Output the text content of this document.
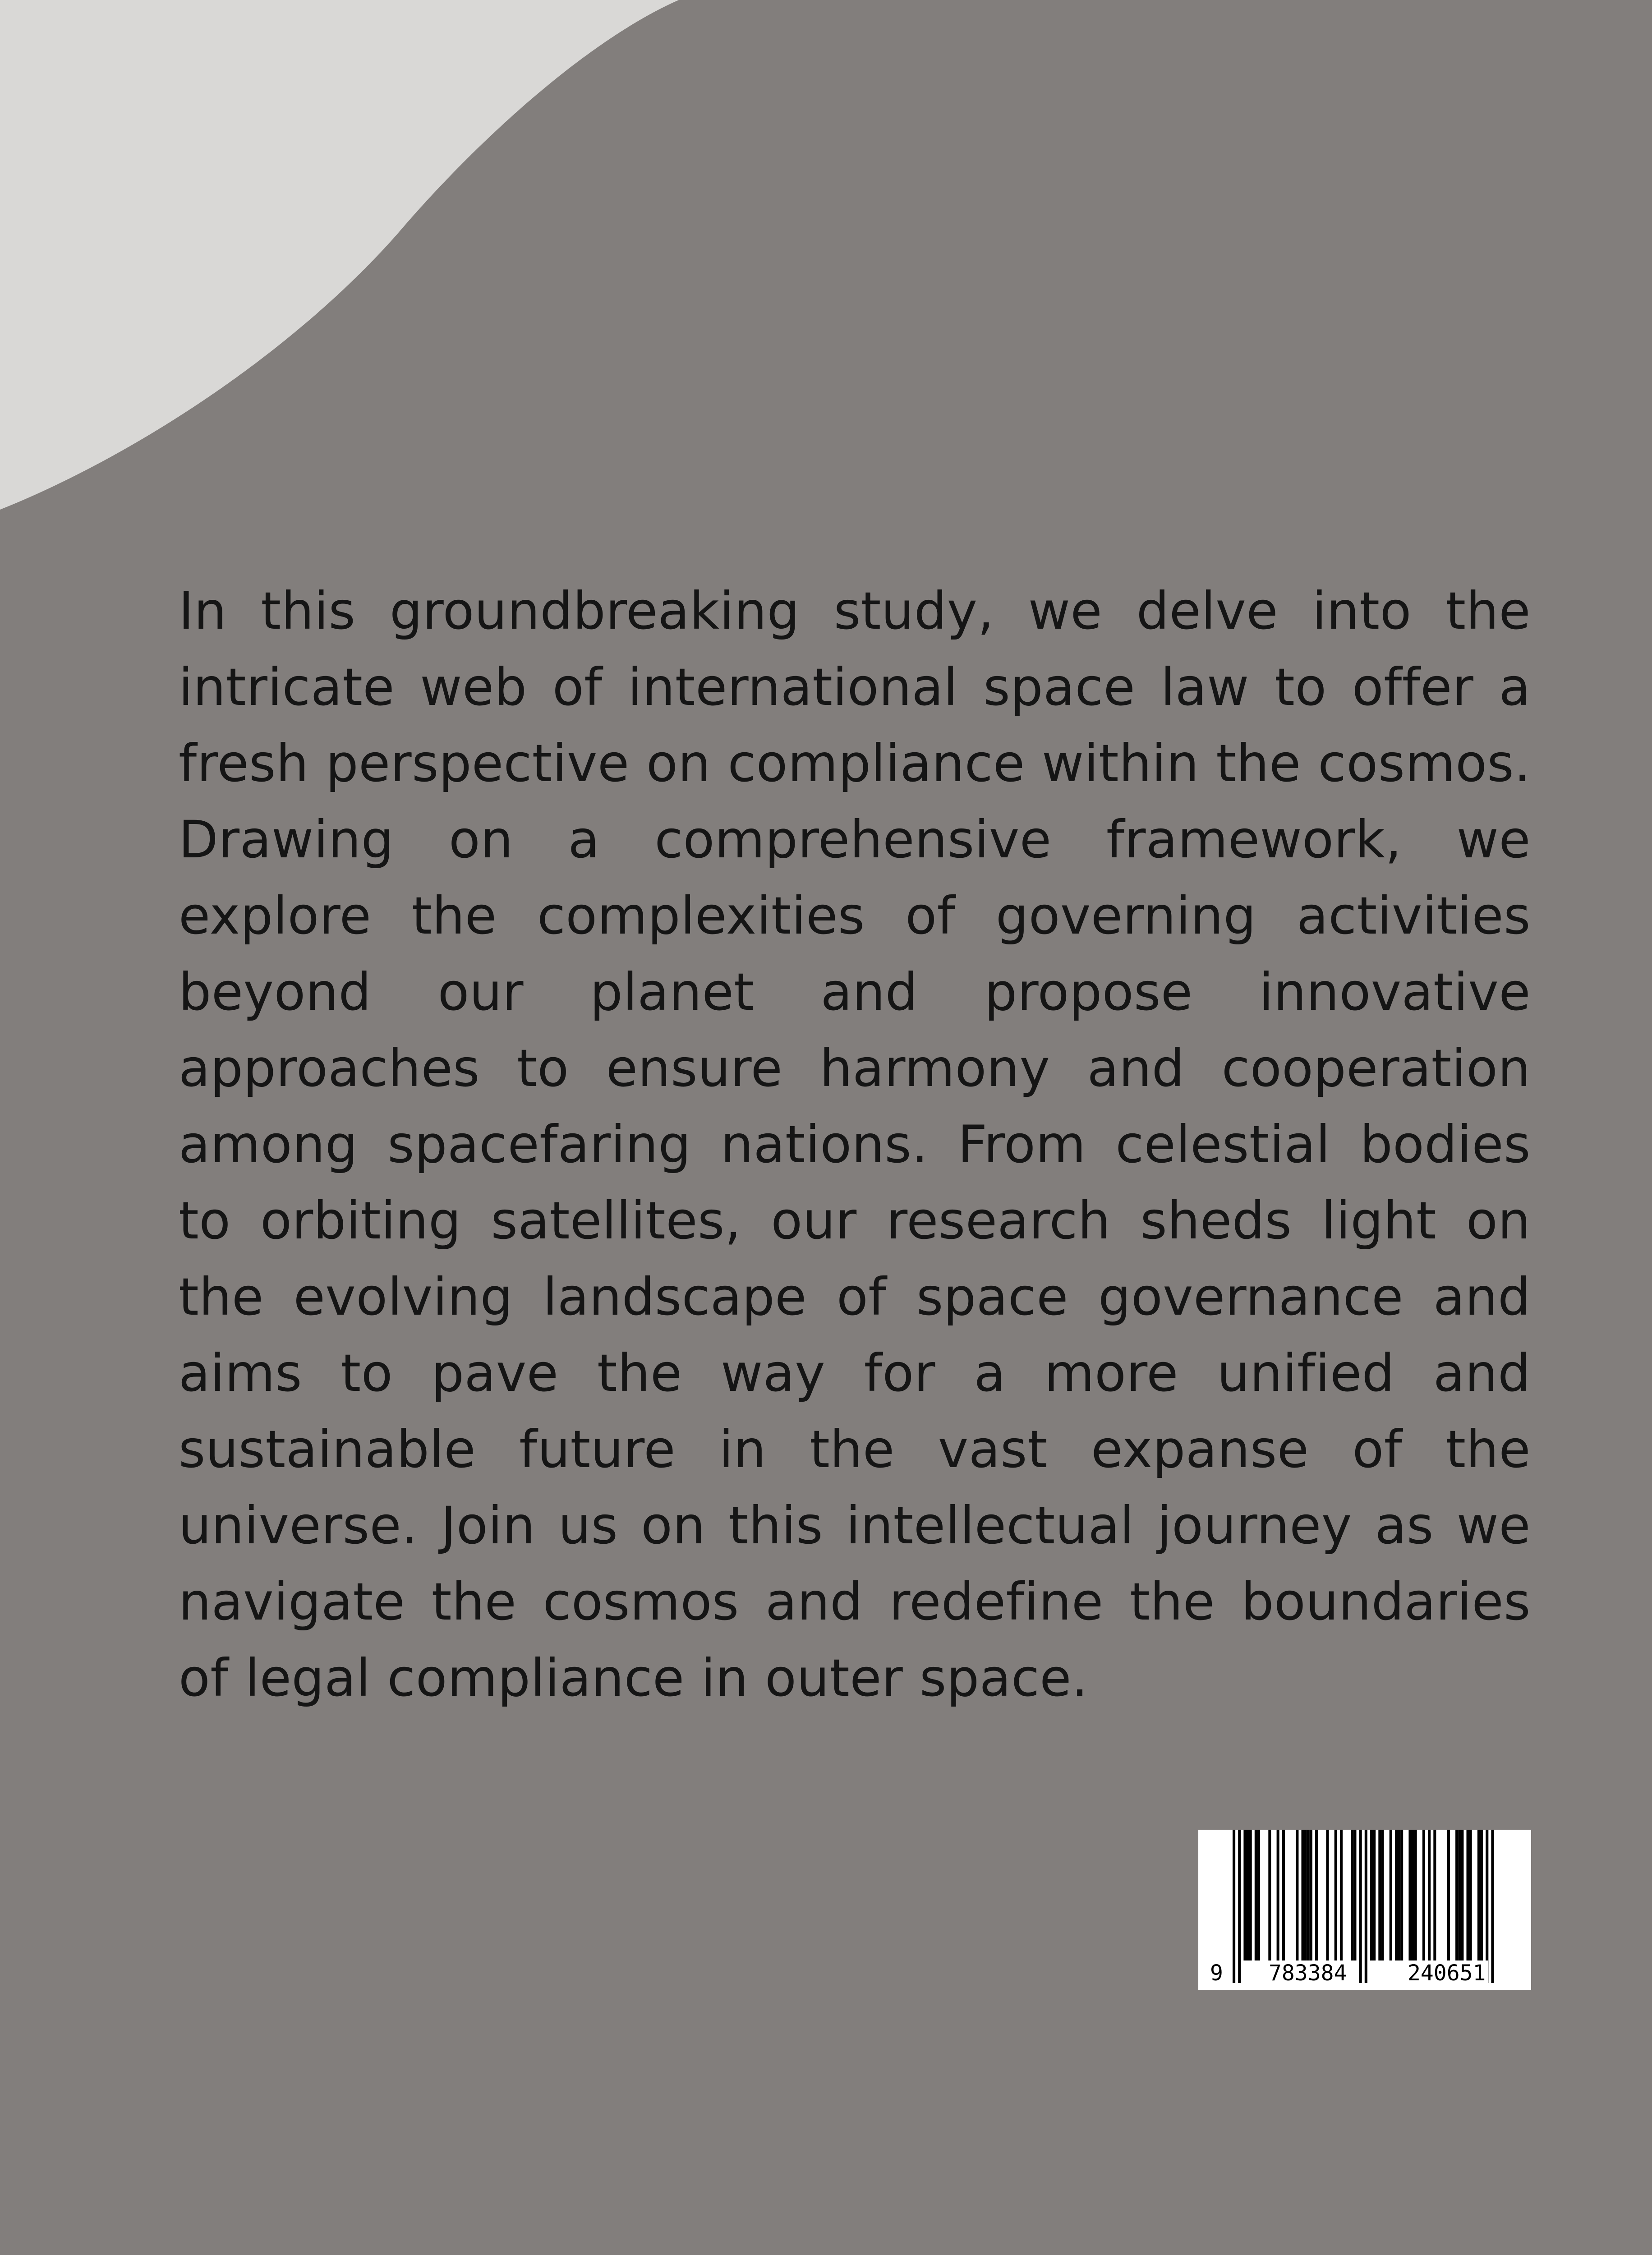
In this groundbreaking study, we delve into the intricate web of international space law to offer a fresh perspective on compliance within the cosmos. Drawing on a comprehensive framework, we explore the complexities of governing activities beyond our planet and propose innovative approaches to ensure harmony and cooperation among spacefaring nations. From celestial bodies to orbiting satellites, our research sheds light on the evolving landscape of space governance and aims to pave the way for a more unified and sustainable future in the vast expanse of the universe. Join us on this intellectual journey as we navigate the cosmos and redefine the boundaries of legal compliance in outer space.

9 783384	240651
